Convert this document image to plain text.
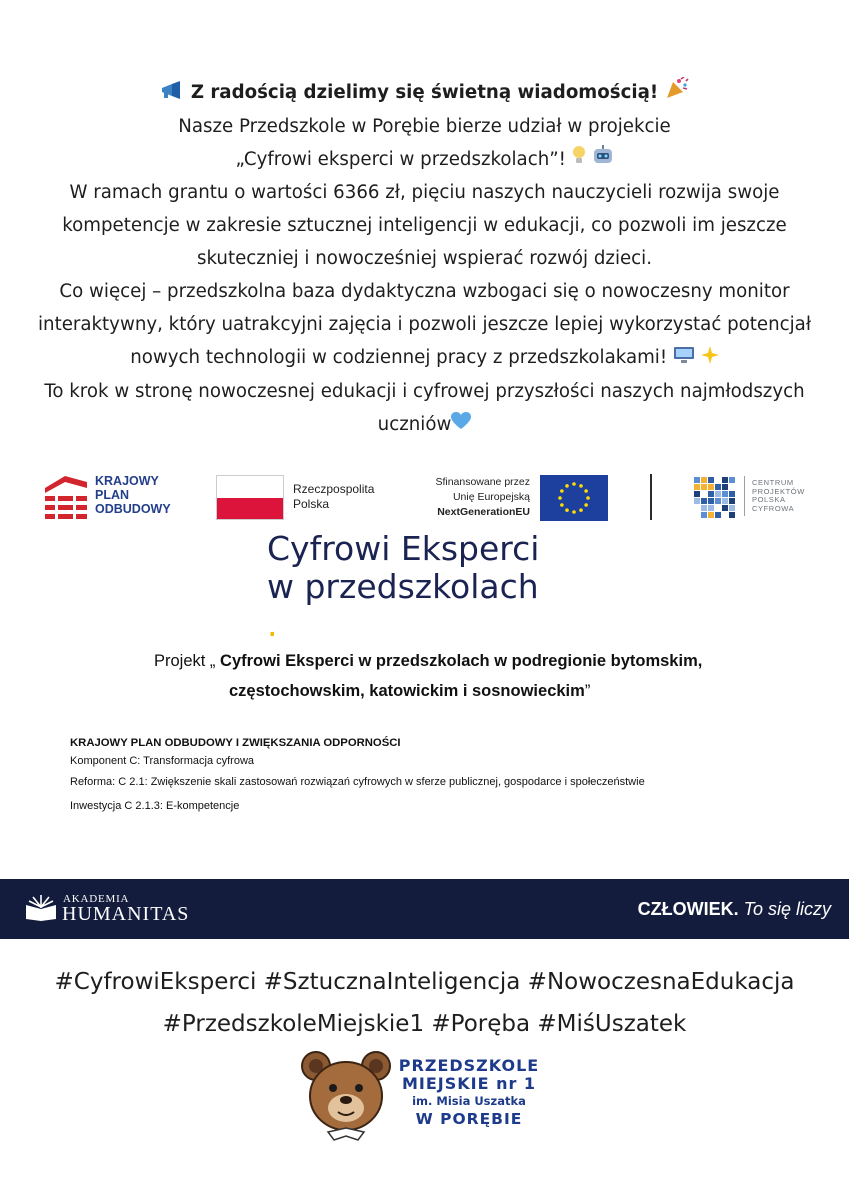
Z radością dzielimy się świetną wiadomością!
Nasze Przedszkole w Porębie bierze udział w projekcie
„Cyfrowi eksperci w przedszkolach”!
W ramach grantu o wartości 6366 zł, pięciu naszych nauczycieli rozwija swoje
kompetencje w zakresie sztucznej inteligencji w edukacji, co pozwoli im jeszcze
skuteczniej i nowocześniej wspierać rozwój dzieci.
Co więcej – przedszkolna baza dydaktyczna wzbogaci się o nowoczesny monitor
interaktywny, który uatrakcyjni zajęcia i pozwoli jeszcze lepiej wykorzystać potencjał
nowych technologii w codziennej pracy z przedszkolakami!
To krok w stronę nowoczesnej edukacji i cyfrowej przyszłości naszych najmłodszych
uczniów
KRAJOWY
PLAN
ODBUDOWY
Rzeczpospolita
Polska
Sfinansowane przez
Unię Europejską
NextGenerationEU
CENTRUM
PROJEKTÓW
POLSKA
CYFROWA
Cyfrowi Eksperci
w przedszkolach
.
Projekt „ Cyfrowi Eksperci w przedszkolach w podregionie bytomskim,
częstochowskim, katowickim i sosnowieckim”
KRAJOWY PLAN ODBUDOWY I ZWIĘKSZANIA ODPORNOŚCI
Komponent C: Transformacja cyfrowa
Reforma: C 2.1: Zwiększenie skali zastosowań rozwiązań cyfrowych w sferze publicznej, gospodarce i społeczeństwie
Inwestycja C 2.1.3: E-kompetencje
AKADEMIA
HUMANITAS	CZŁOWIEK. To się liczy
#CyfrowiEksperci #SztucznaInteligencja #NowoczesnaEdukacja
#PrzedszkoleMiejskie1 #Poręba #MiśUszatek
PRZEDSZKOLE
MIEJSKIE nr 1
im. Misia Uszatka
W PORĘBIE
